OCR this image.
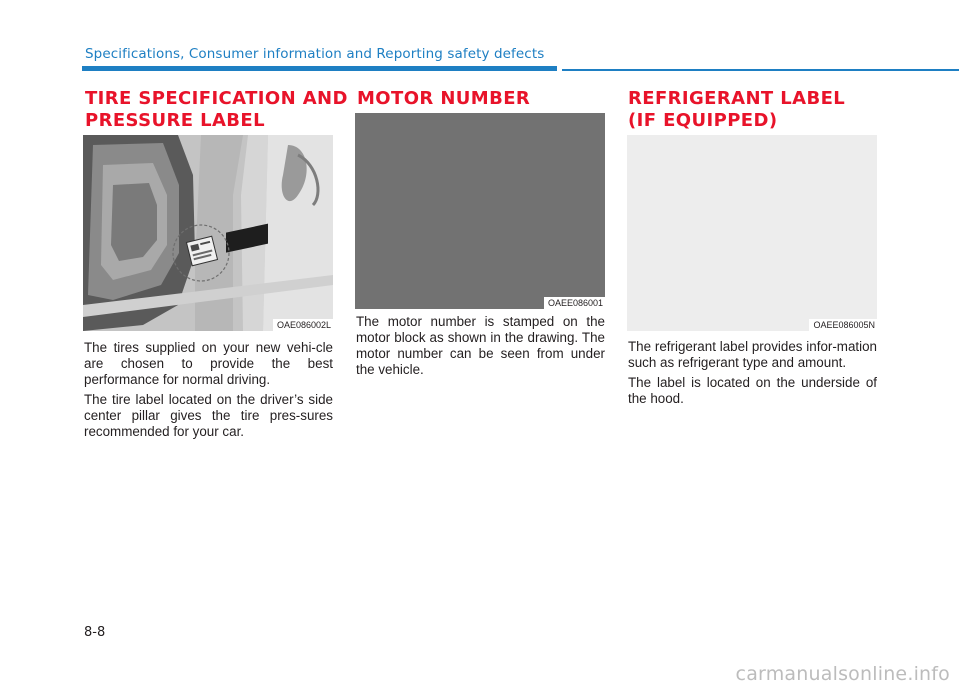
Specifications, Consumer information and Reporting safety defects
TIRE SPECIFICATION AND
PRESSURE LABEL
OAE086002L

The tires supplied on your new vehi-cle are chosen to provide the best performance for normal driving.

The tire label located on the driver’s side center pillar gives the tire pres-sures recommended for your car.

MOTOR NUMBER
OAEE086001

The motor number is stamped on the motor block as shown in the drawing. The motor number can be seen from under the vehicle.

REFRIGERANT LABEL
(IF EQUIPPED)
OAEE086005N

The refrigerant label provides infor-mation such as refrigerant type and amount.

The label is located on the underside of the hood.

8-8
carmanualsonline.info
